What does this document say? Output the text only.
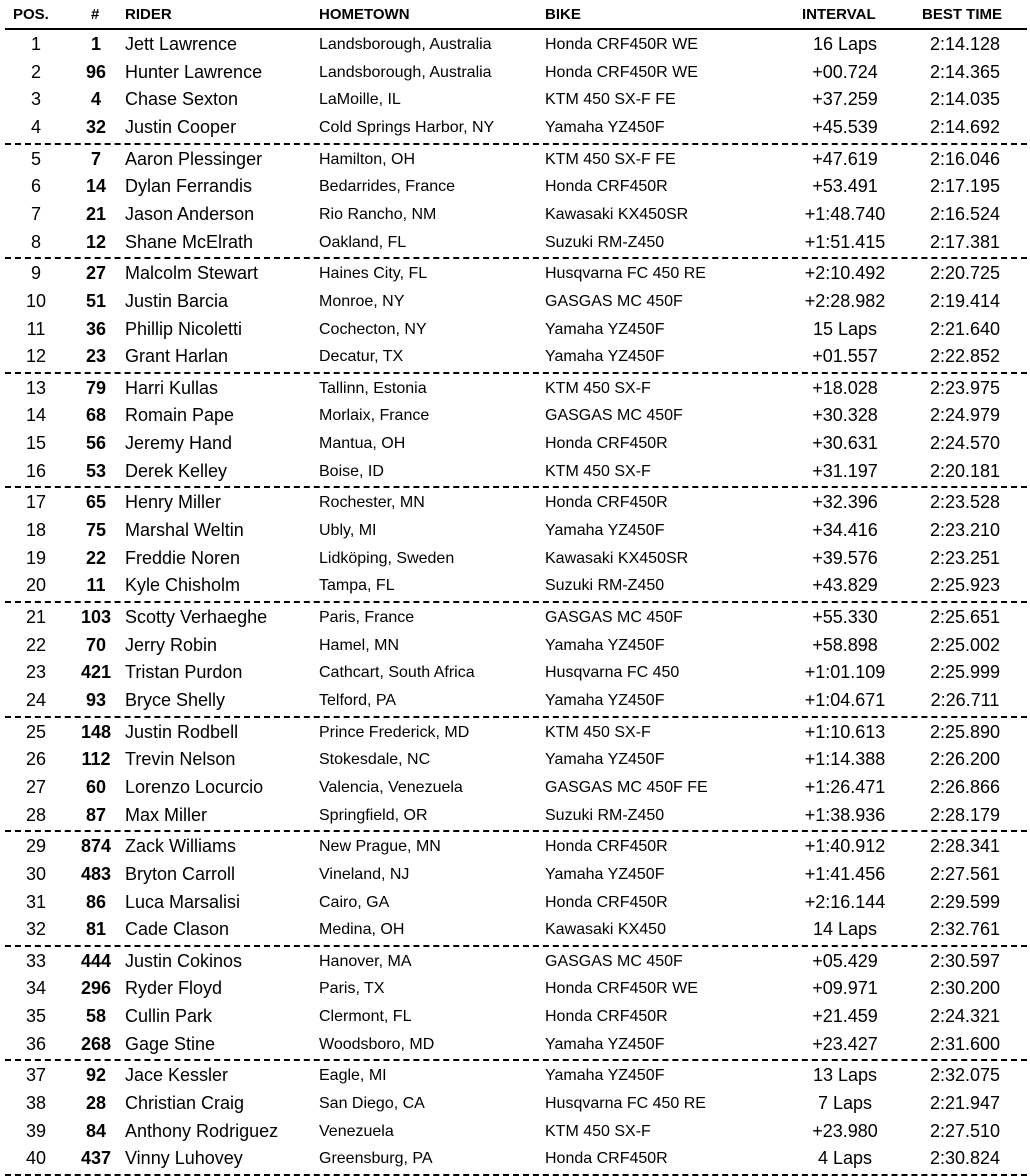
POS.	# RIDER	HOMETOWN	BIKE	INTERVAL	BEST TIME
1	1	Jett Lawrence	Landsborough, Australia	Honda CRF450R WE	16 Laps	2:14.128
2	96	Hunter Lawrence	Landsborough, Australia	Honda CRF450R WE	+00.724	2:14.365
3	4	Chase Sexton	LaMoille, IL	KTM 450 SX-F FE	+37.259	2:14.035
4	32	Justin Cooper	Cold Springs Harbor, NY	Yamaha YZ450F	+45.539	2:14.692
5	7	Aaron Plessinger	Hamilton, OH	KTM 450 SX-F FE	+47.619	2:16.046
6	14	Dylan Ferrandis	Bedarrides, France	Honda CRF450R	+53.491	2:17.195
7	21	Jason Anderson	Rio Rancho, NM	Kawasaki KX450SR	+1:48.740	2:16.524
8	12	Shane McElrath	Oakland, FL	Suzuki RM-Z450	+1:51.415	2:17.381
9	27	Malcolm Stewart	Haines City, FL	Husqvarna FC 450 RE	+2:10.492	2:20.725
10	51	Justin Barcia	Monroe, NY	GASGAS MC 450F	+2:28.982	2:19.414
11	36	Phillip Nicoletti	Cochecton, NY	Yamaha YZ450F	15 Laps	2:21.640
12	23	Grant Harlan	Decatur, TX	Yamaha YZ450F	+01.557	2:22.852
13	79	Harri Kullas	Tallinn, Estonia	KTM 450 SX-F	+18.028	2:23.975
14	68	Romain Pape	Morlaix, France	GASGAS MC 450F	+30.328	2:24.979
15	56	Jeremy Hand	Mantua, OH	Honda CRF450R	+30.631	2:24.570
16	53	Derek Kelley	Boise, ID	KTM 450 SX-F	+31.197	2:20.181
17	65	Henry Miller	Rochester, MN	Honda CRF450R	+32.396	2:23.528
18	75	Marshal Weltin	Ubly, MI	Yamaha YZ450F	+34.416	2:23.210
19	22	Freddie Noren	Lidköping, Sweden	Kawasaki KX450SR	+39.576	2:23.251
20	11	Kyle Chisholm	Tampa, FL	Suzuki RM-Z450	+43.829	2:25.923
21	103 Scotty Verhaeghe	Paris, France	GASGAS MC 450F	+55.330	2:25.651
22	70	Jerry Robin	Hamel, MN	Yamaha YZ450F	+58.898	2:25.002
23	421 Tristan Purdon	Cathcart, South Africa	Husqvarna FC 450	+1:01.109	2:25.999
24	93	Bryce Shelly	Telford, PA	Yamaha YZ450F	+1:04.671	2:26.711
25	148 Justin Rodbell	Prince Frederick, MD	KTM 450 SX-F	+1:10.613	2:25.890
26	112 Trevin Nelson	Stokesdale, NC	Yamaha YZ450F	+1:14.388	2:26.200
27	60	Lorenzo Locurcio	Valencia, Venezuela	GASGAS MC 450F FE	+1:26.471	2:26.866
28	87	Max Miller	Springfield, OR	Suzuki RM-Z450	+1:38.936	2:28.179
29	874 Zack Williams	New Prague, MN	Honda CRF450R	+1:40.912	2:28.341
30	483 Bryton Carroll	Vineland, NJ	Yamaha YZ450F	+1:41.456	2:27.561
31	86	Luca Marsalisi	Cairo, GA	Honda CRF450R	+2:16.144	2:29.599
32	81	Cade Clason	Medina, OH	Kawasaki KX450	14 Laps	2:32.761
33	444 Justin Cokinos	Hanover, MA	GASGAS MC 450F	+05.429	2:30.597
34	296 Ryder Floyd	Paris, TX	Honda CRF450R WE	+09.971	2:30.200
35	58	Cullin Park	Clermont, FL	Honda CRF450R	+21.459	2:24.321
36	268 Gage Stine	Woodsboro, MD	Yamaha YZ450F	+23.427	2:31.600
37	92	Jace Kessler	Eagle, MI	Yamaha YZ450F	13 Laps	2:32.075
38	28	Christian Craig	San Diego, CA	Husqvarna FC 450 RE	7 Laps	2:21.947
39	84	Anthony Rodriguez	Venezuela	KTM 450 SX-F	+23.980	2:27.510
40	437 Vinny Luhovey	Greensburg, PA	Honda CRF450R	4 Laps	2:30.824
